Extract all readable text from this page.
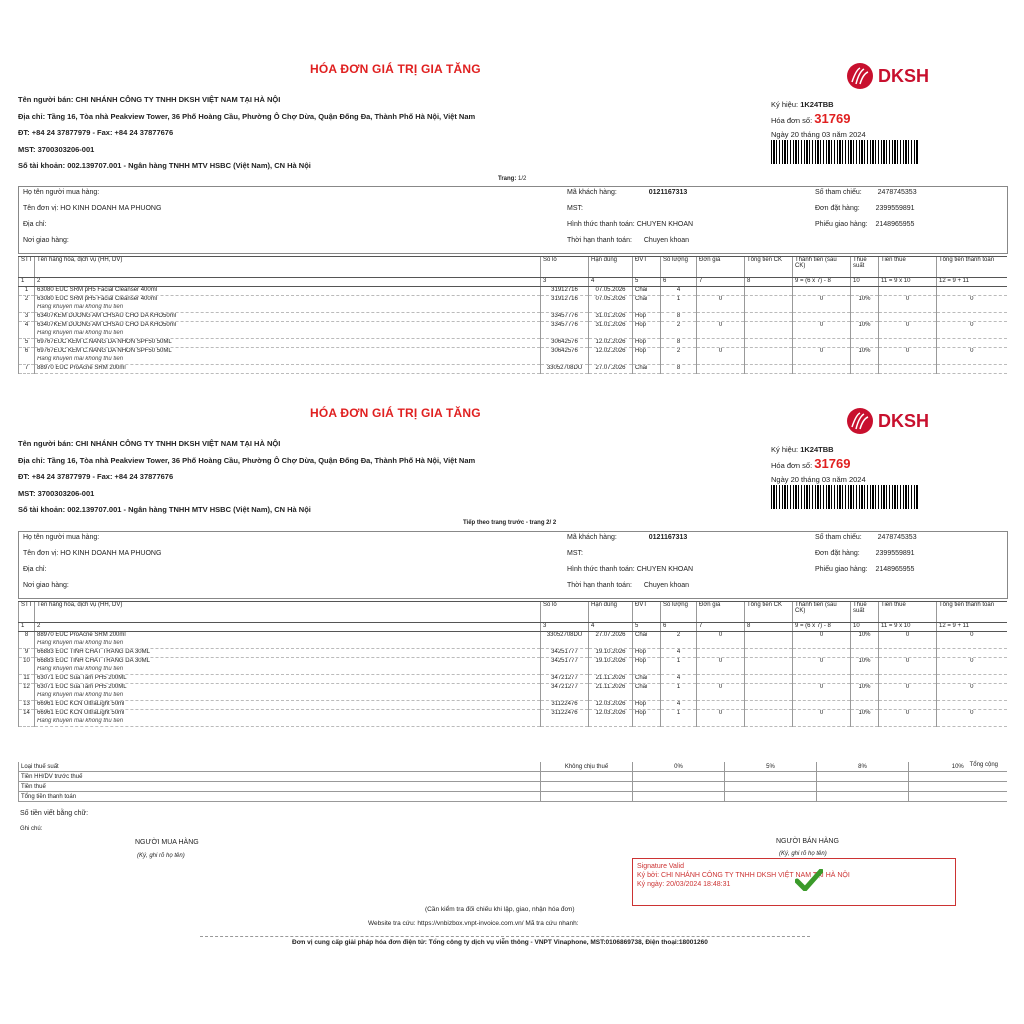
HÓA ĐƠN GIÁ TRỊ GIA TĂNG	DKSH
Tên người bán: CHI NHÁNH CÔNG TY TNHH DKSH VIỆT NAM TẠI HÀ NỘI
Địa chỉ: Tầng 16, Tòa nhà Peakview Tower, 36 Phố Hoàng Cầu, Phường Ô Chợ Dừa, Quận Đống Đa, Thành Phố Hà Nội, Việt Nam
ĐT: +84 24 37877979 - Fax: +84 24 37877676
MST: 3700303206-001
Số tài khoản: 002.139707.001 - Ngân hàng TNHH MTV HSBC (Việt Nam), CN Hà Nội
Ký hiệu: 1K24TBB
Hóa đơn số: 31769
Ngày 20 tháng 03 năm 2024
Trang: 1/2
Họ tên người mua hàng:
Tên đơn vị: HO KINH DOANH MA PHUONG
Địa chỉ:
Nơi giao hàng:
Mã khách hàng:	0121167313
MST:
Hình thức thanh toán: CHUYEN KHOAN
Thời hạn thanh toán: Chuyen khoan
Số tham chiếu: 2478745353
Đơn đặt hàng: 2399559891
Phiếu giao hàng: 2148965955
STT	Tên hàng hóa, dịch vụ (HH, DV)	Số lô	Hạn dùng	ĐVT	Số lượng	Đơn giá	Tổng tiền CK	Thành tiền (sau CK)	Thuế suất	Tiền thuế	Tổng tiền thanh toán
1	2	3	4	5	6	7	8	9 = (6 x 7) - 8	10	11 = 9 x 10	12 = 9 + 11
1	63080 EUC SRM pH5 Facial Cleanser 400ml	31912716	07.05.2026	Chai	4						
2	63080 EUC SRM pH5 Facial Cleanser 400ml	31912716	07.05.2026	Chai	1	0		0	10%	0	0
	Hang khuyen mai khong thu tien										
3	63407KEM DUONG AM CHSAU CHO DA KHO50ml	33457776	31.01.2026	Hop	8						
4	63407KEM DUONG AM CHSAU CHO DA KHO50ml	33457776	31.01.2026	Hop	2	0		0	10%	0	0
	Hang khuyen mai khong thu tien										
5	69767EUC KEM C.NANG DA NHON SPF50 50ML	30642576	12.02.2026	Hop	8						
6	69767EUC KEM C.NANG DA NHON SPF50 50ML	30642576	12.02.2026	Hop	2	0		0	10%	0	0
	Hang khuyen mai khong thu tien										
7	88970 EUC ProAcne SRM 200ml	33052708DU	27.07.2026	Chai	8						
HÓA ĐƠN GIÁ TRỊ GIA TĂNG	DKSH
Tên người bán: CHI NHÁNH CÔNG TY TNHH DKSH VIỆT NAM TẠI HÀ NỘI
Địa chỉ: Tầng 16, Tòa nhà Peakview Tower, 36 Phố Hoàng Cầu, Phường Ô Chợ Dừa, Quận Đống Đa, Thành Phố Hà Nội, Việt Nam
ĐT: +84 24 37877979 - Fax: +84 24 37877676
MST: 3700303206-001
Số tài khoản: 002.139707.001 - Ngân hàng TNHH MTV HSBC (Việt Nam), CN Hà Nội
Ký hiệu: 1K24TBB
Hóa đơn số: 31769
Ngày 20 tháng 03 năm 2024
Tiếp theo trang trước - trang 2/ 2
Họ tên người mua hàng:
Tên đơn vị: HO KINH DOANH MA PHUONG
Địa chỉ:
Nơi giao hàng:
Mã khách hàng:	0121167313
MST:
Hình thức thanh toán: CHUYEN KHOAN
Thời hạn thanh toán: Chuyen khoan
Số tham chiếu: 2478745353
Đơn đặt hàng: 2399559891
Phiếu giao hàng: 2148965955
STT	Tên hàng hóa, dịch vụ (HH, DV)	Số lô	Hạn dùng	ĐVT	Số lượng	Đơn giá	Tổng tiền CK	Thành tiền (sau CK)	Thuế suất	Tiền thuế	Tổng tiền thanh toán
1	2	3	4	5	6	7	8	9 = (6 x 7) - 8	10	11 = 9 x 10	12 = 9 + 11
8	88970 EUC ProAcne SRM 200ml	33052708DU	27.07.2026	Chai	2	0		0	10%	0	0
	Hang khuyen mai khong thu tien										
9	66883 EUC TINH CHAT TRANG DA 30ML	34251777	19.10.2026	Hop	4						
10	66883 EUC TINH CHAT TRANG DA 30ML	34251777	19.10.2026	Hop	1	0		0	10%	0	0
	Hang khuyen mai khong thu tien										
11	63071 EUC Sua Tam PH5 200ML	34721277	21.11.2026	Chai	4						
12	63071 EUC Sua Tam PH5 200ML	34721277	21.11.2026	Chai	1	0		0	10%	0	0
	Hang khuyen mai khong thu tien										
13	66961 EUC KCN UltraLight 50ml	31122476	12.03.2026	Hop	4						
14	66961 EUC KCN UltraLight 50ml	31122476	12.03.2026	Hop	1	0		0	10%	0	0
	Hang khuyen mai khong thu tien										
Loại thuế suất	Không chịu thuế	0%	5%	8%	10%
Tiền HH/DV trước thuế					
Tiền thuế					
Tổng tiền thanh toán					
Tổng cộng
Số tiền viết bằng chữ:
Ghi chú:
NGƯỜI MUA HÀNG
(Ký, ghi rõ họ tên)
NGƯỜI BÁN HÀNG
(Ký, ghi rõ họ tên)
Signature Valid
Ký bởi: CHI NHÁNH CÔNG TY TNHH DKSH VIỆT NAM TẠI HÀ NỘI
Ký ngày: 20/03/2024 18:48:31
(Cần kiểm tra đối chiếu khi lập, giao, nhận hóa đơn)
Website tra cứu: https://vnbizbox.vnpt-invoice.com.vn/ Mã tra cứu nhanh:
Đơn vị cung cấp giải pháp hóa đơn điện tử: Tổng công ty dịch vụ viễn thông - VNPT Vinaphone, MST:0106869738, Điện thoại:18001260
